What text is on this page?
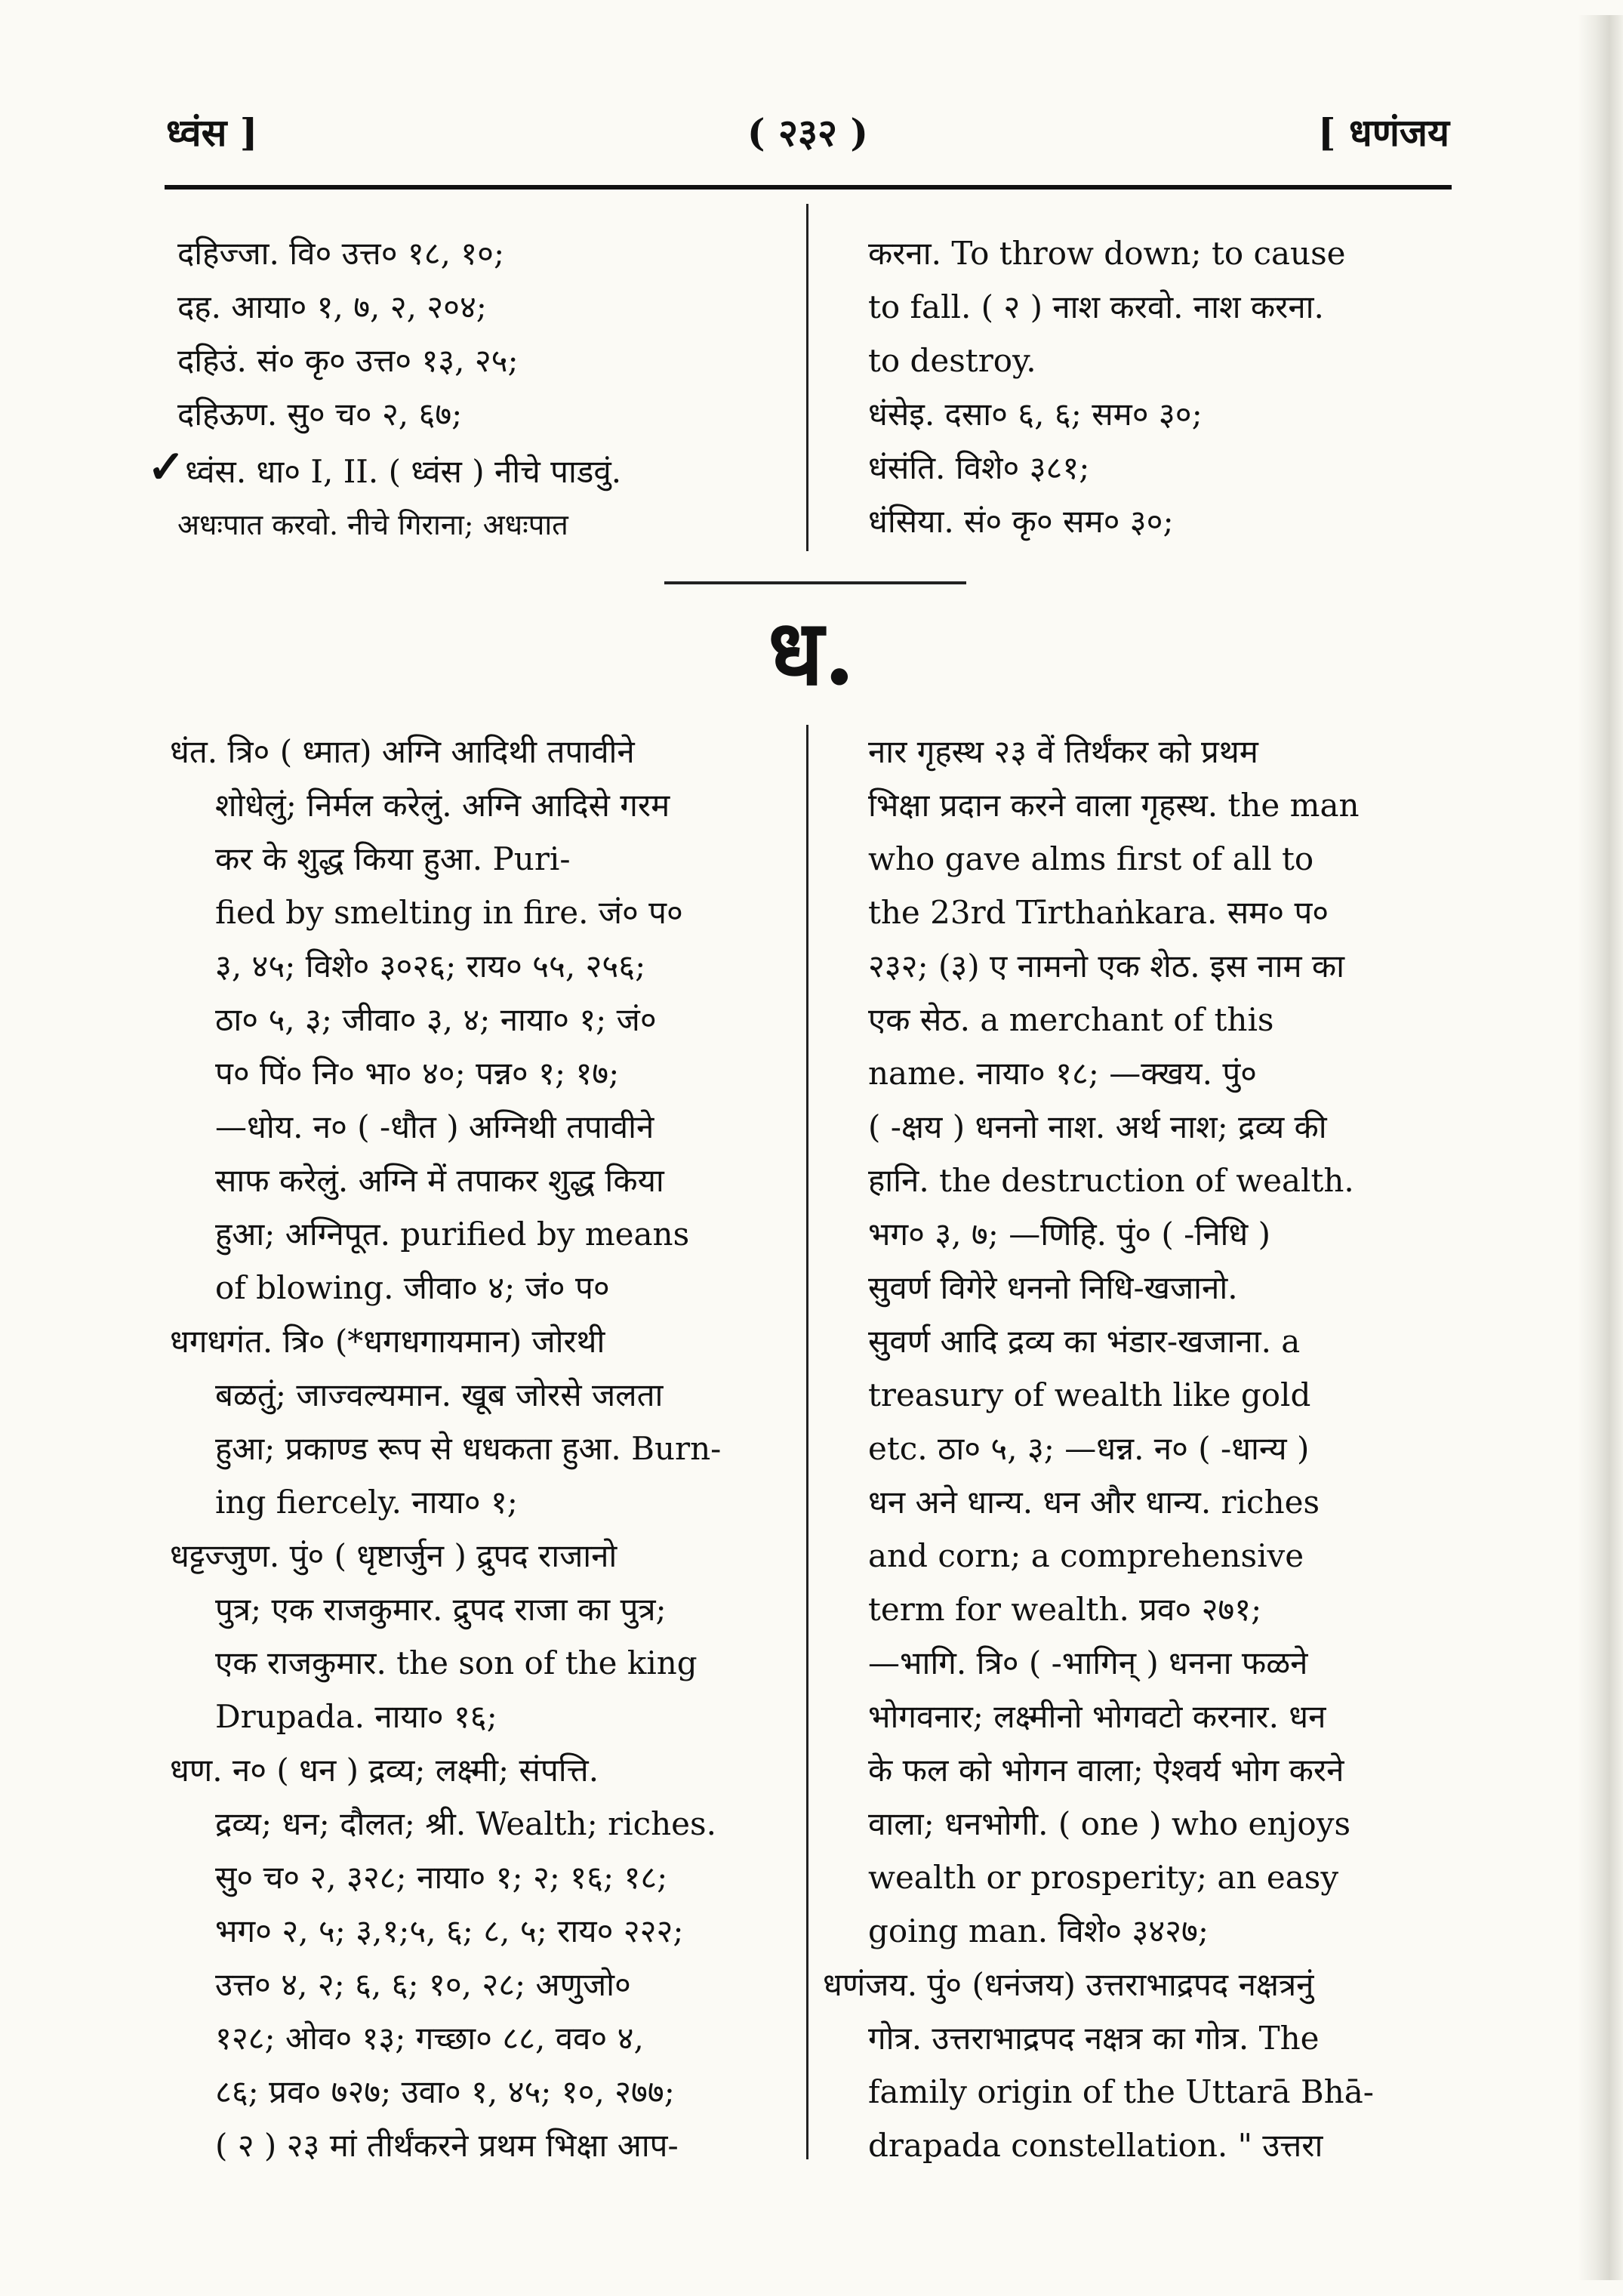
ध्वंस ]	( २३२ )	[ धणंजय
दहिज्जा. वि० उत्त० १८, १०;
दह. आया० १, ७, २, २०४;
दहिउं. सं० कृ० उत्त० १३, २५;
दहिऊण. सु० च० २, ६७;
✓ध्वंस. धा० I, II. ( ध्वंस ) नीचे पाडवुं.
अधःपात करवो. नीचे गिराना; अधःपात
करना. To throw down; to cause
to fall. ( २ ) नाश करवो. नाश करना.
to destroy.
धंसेइ. दसा० ६, ६; सम० ३०;
धंसंति. विशे० ३८१;
धंसिया. सं० कृ० सम० ३०;
ध.
धंत. त्रि० ( ध्मात) अग्नि आदिथी तपावीने
शोधेलुं; निर्मल करेलुं. अग्नि आदिसे गरम
कर के शुद्ध किया हुआ. Puri-
fied by smelting in fire. जं० प०
३, ४५; विशे० ३०२६; राय० ५५, २५६;
ठा० ५, ३; जीवा० ३, ४; नाया० १; जं०
प० पिं० नि० भा० ४०; पन्न० १; १७;
—धोय. न० ( -धौत ) अग्निथी तपावीने
साफ करेलुं. अग्नि में तपाकर शुद्ध किया
हुआ; अग्निपूत. purified by means
of blowing. जीवा० ४; जं० प०
धगधगंत. त्रि० (*धगधगायमान) जोरथी
बळतुं; जाज्वल्यमान. खूब जोरसे जलता
हुआ; प्रकाण्ड रूप से धधकता हुआ. Burn-
ing fiercely. नाया० १;
धट्टज्जुण. पुं० ( धृष्टार्जुन ) द्रुपद राजानो
पुत्र; एक राजकुमार. द्रुपद राजा का पुत्र;
एक राजकुमार. the son of the king
Drupada. नाया० १६;
धण. न० ( धन ) द्रव्य; लक्ष्मी; संपत्ति.
द्रव्य; धन; दौलत; श्री. Wealth; riches.
सु० च० २, ३२८; नाया० १; २; १६; १८;
भग० २, ५; ३,१;५, ६; ८, ५; राय० २२२;
उत्त० ४, २; ६, ६; १०, २८; अणुजो०
१२८; ओव० १३; गच्छा० ८८, वव० ४,
८६; प्रव० ७२७; उवा० १, ४५; १०, २७७;
( २ ) २३ मां तीर्थंकरने प्रथम भिक्षा आप-
नार गृहस्थ २३ वें तिर्थंकर को प्रथम
भिक्षा प्रदान करने वाला गृहस्थ. the man
who gave alms first of all to
the 23rd Tīrthaṅkara. सम० प०
२३२; (३) ए नामनो एक शेठ. इस नाम का
एक सेठ. a merchant of this
name. नाया० १८; —क्खय. पुं०
( -क्षय ) धननो नाश. अर्थ नाश; द्रव्य की
हानि. the destruction of wealth.
भग० ३, ७; —णिहि. पुं० ( -निधि )
सुवर्ण विगेरे धननो निधि-खजानो.
सुवर्ण आदि द्रव्य का भंडार-खजाना. a
treasury of wealth like gold
etc. ठा० ५, ३; —धन्न. न० ( -धान्य )
धन अने धान्य. धन और धान्य. riches
and corn; a comprehensive
term for wealth. प्रव० २७१;
—भागि. त्रि० ( -भागिन् ) धनना फळने
भोगवनार; लक्ष्मीनो भोगवटो करनार. धन
के फल को भोगन वाला; ऐश्वर्य भोग करने
वाला; धनभोगी. ( one ) who enjoys
wealth or prosperity; an easy
going man. विशे० ३४२७;
धणंजय. पुं० (धनंजय) उत्तराभाद्रपद नक्षत्रनुं
गोत्र. उत्तराभाद्रपद नक्षत्र का गोत्र. The
family origin of the Uttarā Bhā-
drapada constellation. " उत्तरा
